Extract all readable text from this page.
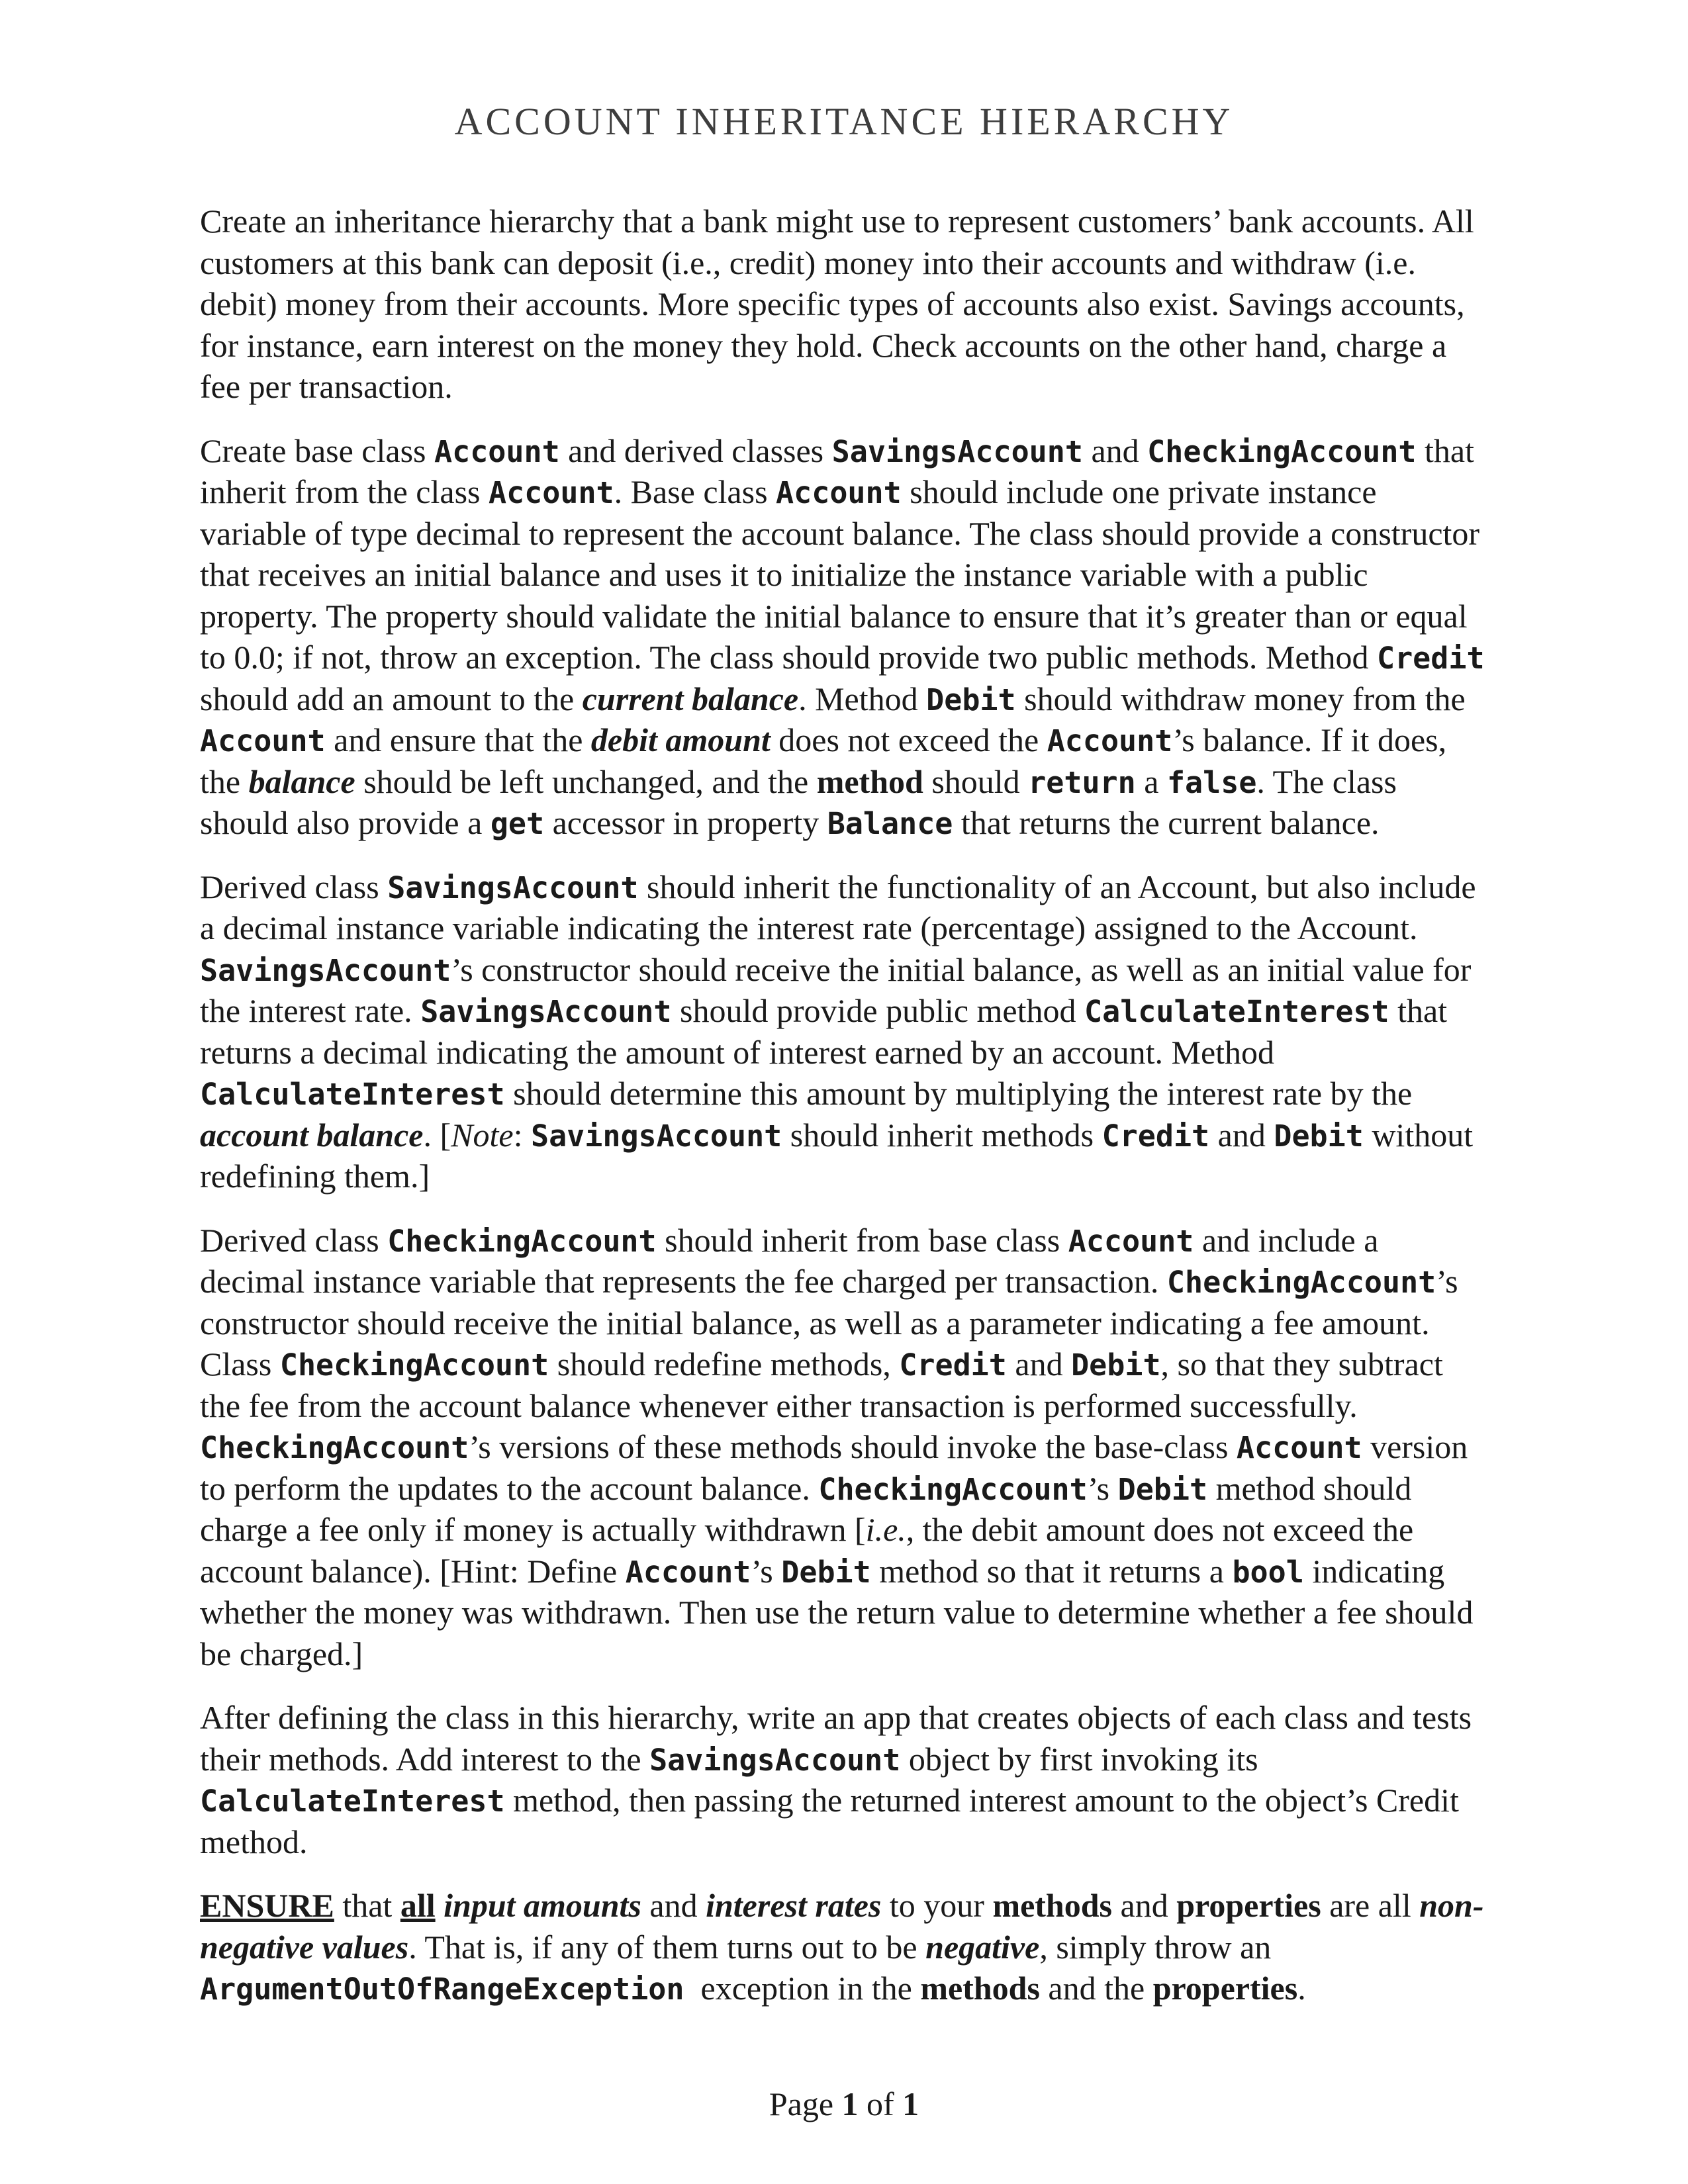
ACCOUNT INHERITANCE HIERARCHY

Create an inheritance hierarchy that a bank might use to represent customers’ bank accounts. All customers at this bank can deposit (i.e., credit) money into their accounts and withdraw (i.e. debit) money from their accounts. More specific types of accounts also exist. Savings accounts, for instance, earn interest on the money they hold. Check accounts on the other hand, charge a fee per transaction.

Create base class Account and derived classes SavingsAccount and CheckingAccount that inherit from the class Account. Base class Account should include one private instance variable of type decimal to represent the account balance. The class should provide a constructor that receives an initial balance and uses it to initialize the instance variable with a public property. The property should validate the initial balance to ensure that it’s greater than or equal to 0.0; if not, throw an exception. The class should provide two public methods. Method Credit should add an amount to the current balance. Method Debit should withdraw money from the Account and ensure that the debit amount does not exceed the Account’s balance. If it does, the balance should be left unchanged, and the method should return a false. The class should also provide a get accessor in property Balance that returns the current balance.

Derived class SavingsAccount should inherit the functionality of an Account, but also include a decimal instance variable indicating the interest rate (percentage) assigned to the Account. SavingsAccount’s constructor should receive the initial balance, as well as an initial value for the interest rate. SavingsAccount should provide public method CalculateInterest that returns a decimal indicating the amount of interest earned by an account. Method CalculateInterest should determine this amount by multiplying the interest rate by the account balance. [Note: SavingsAccount should inherit methods Credit and Debit without redefining them.]

Derived class CheckingAccount should inherit from base class Account and include a decimal instance variable that represents the fee charged per transaction. CheckingAccount’s constructor should receive the initial balance, as well as a parameter indicating a fee amount. Class CheckingAccount should redefine methods, Credit and Debit, so that they subtract the fee from the account balance whenever either transaction is performed successfully. CheckingAccount’s versions of these methods should invoke the base-class Account version to perform the updates to the account balance. CheckingAccount’s Debit method should charge a fee only if money is actually withdrawn [i.e., the debit amount does not exceed the account balance). [Hint: Define Account’s Debit method so that it returns a bool indicating whether the money was withdrawn. Then use the return value to determine whether a fee should be charged.]

After defining the class in this hierarchy, write an app that creates objects of each class and tests their methods. Add interest to the SavingsAccount object by first invoking its CalculateInterest method, then passing the returned interest amount to the object’s Credit method.

ENSURE that all input amounts and interest rates to your methods and properties are all non-negative values. That is, if any of them turns out to be negative, simply throw an ArgumentOutOfRangeException  exception in the methods and the properties.

Page 1 of 1
